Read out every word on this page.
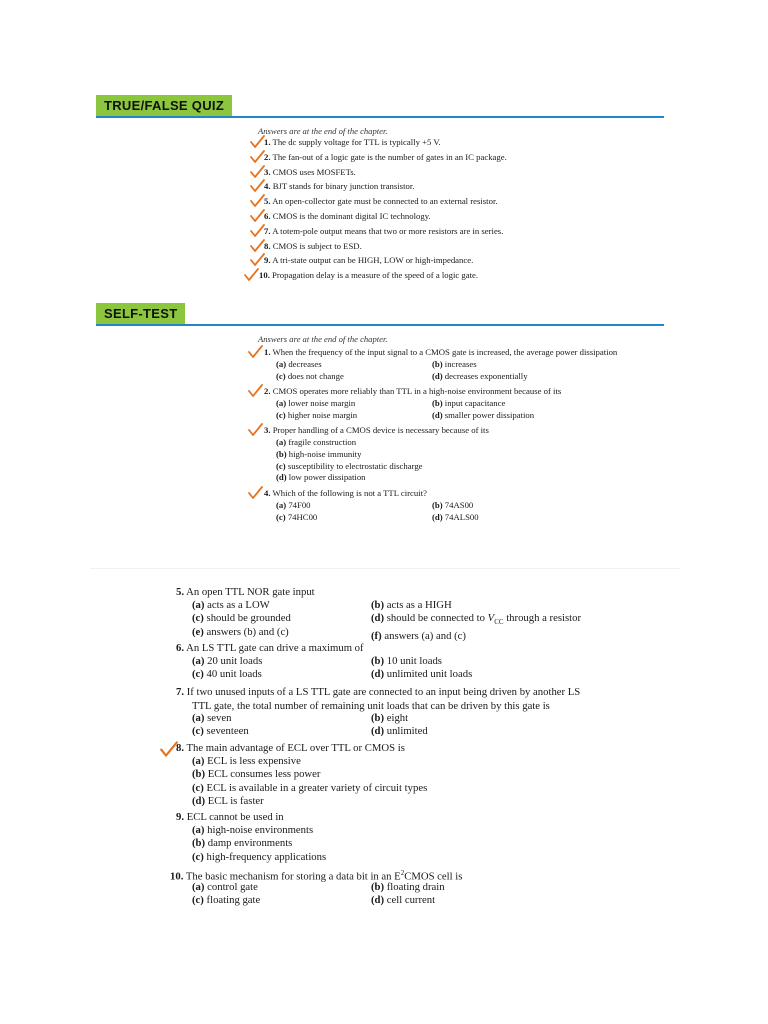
TRUE/FALSE QUIZ
Answers are at the end of the chapter.
1. The dc supply voltage for TTL is typically +5 V.
2. The fan-out of a logic gate is the number of gates in an IC package.
3. CMOS uses MOSFETs.
4. BJT stands for binary junction transistor.
5. An open-collector gate must be connected to an external resistor.
6. CMOS is the dominant digital IC technology.
7. A totem-pole output means that two or more resistors are in series.
8. CMOS is subject to ESD.
9. A tri-state output can be HIGH, LOW or high-impedance.
10. Propagation delay is a measure of the speed of a logic gate.
SELF-TEST
Answers are at the end of the chapter.
1. When the frequency of the input signal to a CMOS gate is increased, the average power dissipation
(a) decreases
(c) does not change
(b) increases
(d) decreases exponentially
2. CMOS operates more reliably than TTL in a high-noise environment because of its
(a) lower noise margin
(c) higher noise margin
(b) input capacitance
(d) smaller power dissipation
3. Proper handling of a CMOS device is necessary because of its
(a) fragile construction
(b) high-noise immunity
(c) susceptibility to electrostatic discharge
(d) low power dissipation
4. Which of the following is not a TTL circuit?
(a) 74F00
(c) 74HC00
(b) 74AS00
(d) 74ALS00
5. An open TTL NOR gate input
(a) acts as a LOW
(c) should be grounded
(e) answers (b) and (c)
(b) acts as a HIGH
(d) should be connected to $V_{CC}$ through a resistor
(f) answers (a) and (c)
6. An LS TTL gate can drive a maximum of
(a) 20 unit loads
(c) 40 unit loads
(b) 10 unit loads
(d) unlimited unit loads
7. If two unused inputs of a LS TTL gate are connected to an input being driven by another LS
TTL gate, the total number of remaining unit loads that can be driven by this gate is
(a) seven
(c) seventeen
(b) eight
(d) unlimited
8. The main advantage of ECL over TTL or CMOS is
(a) ECL is less expensive
(b) ECL consumes less power
(c) ECL is available in a greater variety of circuit types
(d) ECL is faster
9. ECL cannot be used in
(a) high-noise environments
(b) damp environments
(c) high-frequency applications
10. The basic mechanism for storing a data bit in an $E^2CMOS$ cell is
(a) control gate
(c) floating gate
(b) floating drain
(d) cell current
